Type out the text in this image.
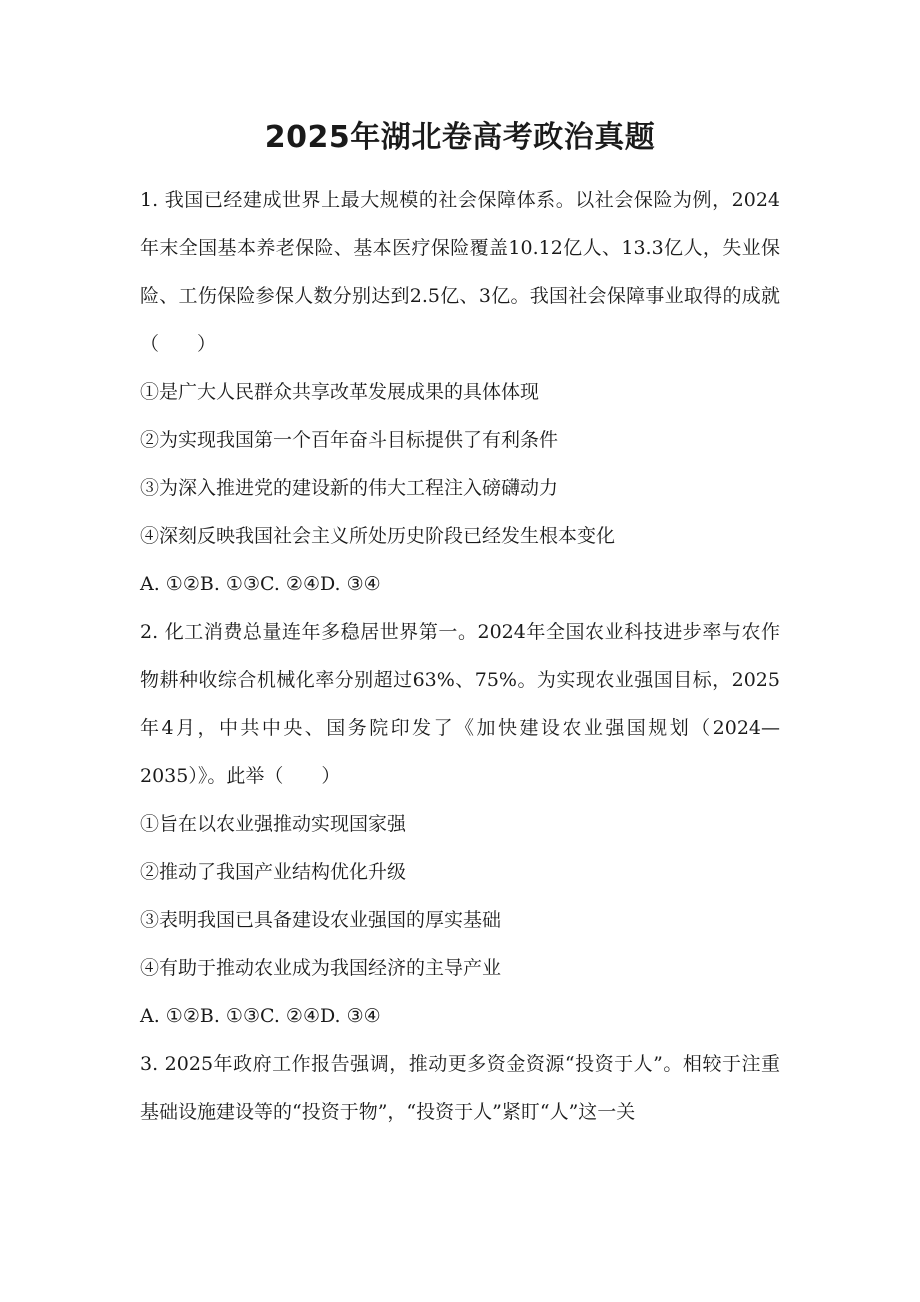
2025年湖北卷高考政治真题

1. 我国已经建成世界上最大规模的社会保障体系。以社会保险为例，2024年末全国基本养老保险、基本医疗保险覆盖10.12亿人、13.3亿人，失业保险、工伤保险参保人数分别达到2.5亿、3亿。我国社会保障事业取得的成就（　　）

①是广大人民群众共享改革发展成果的具体体现

②为实现我国第一个百年奋斗目标提供了有利条件

③为深入推进党的建设新的伟大工程注入磅礴动力

④深刻反映我国社会主义所处历史阶段已经发生根本变化

A. ①②B. ①③C. ②④D. ③④

2. 化工消费总量连年多稳居世界第一。2024年全国农业科技进步率与农作物耕种收综合机械化率分别超过63%、75%。为实现农业强国目标，2025年4月，中共中央、国务院印发了《加快建设农业强国规划（2024—2035）》。此举（　　）

①旨在以农业强推动实现国家强

②推动了我国产业结构优化升级

③表明我国已具备建设农业强国的厚实基础

④有助于推动农业成为我国经济的主导产业

A. ①②B. ①③C. ②④D. ③④

3. 2025年政府工作报告强调，推动更多资金资源“投资于人”。相较于注重基础设施建设等的“投资于物”，“投资于人”紧盯“人”这一关
